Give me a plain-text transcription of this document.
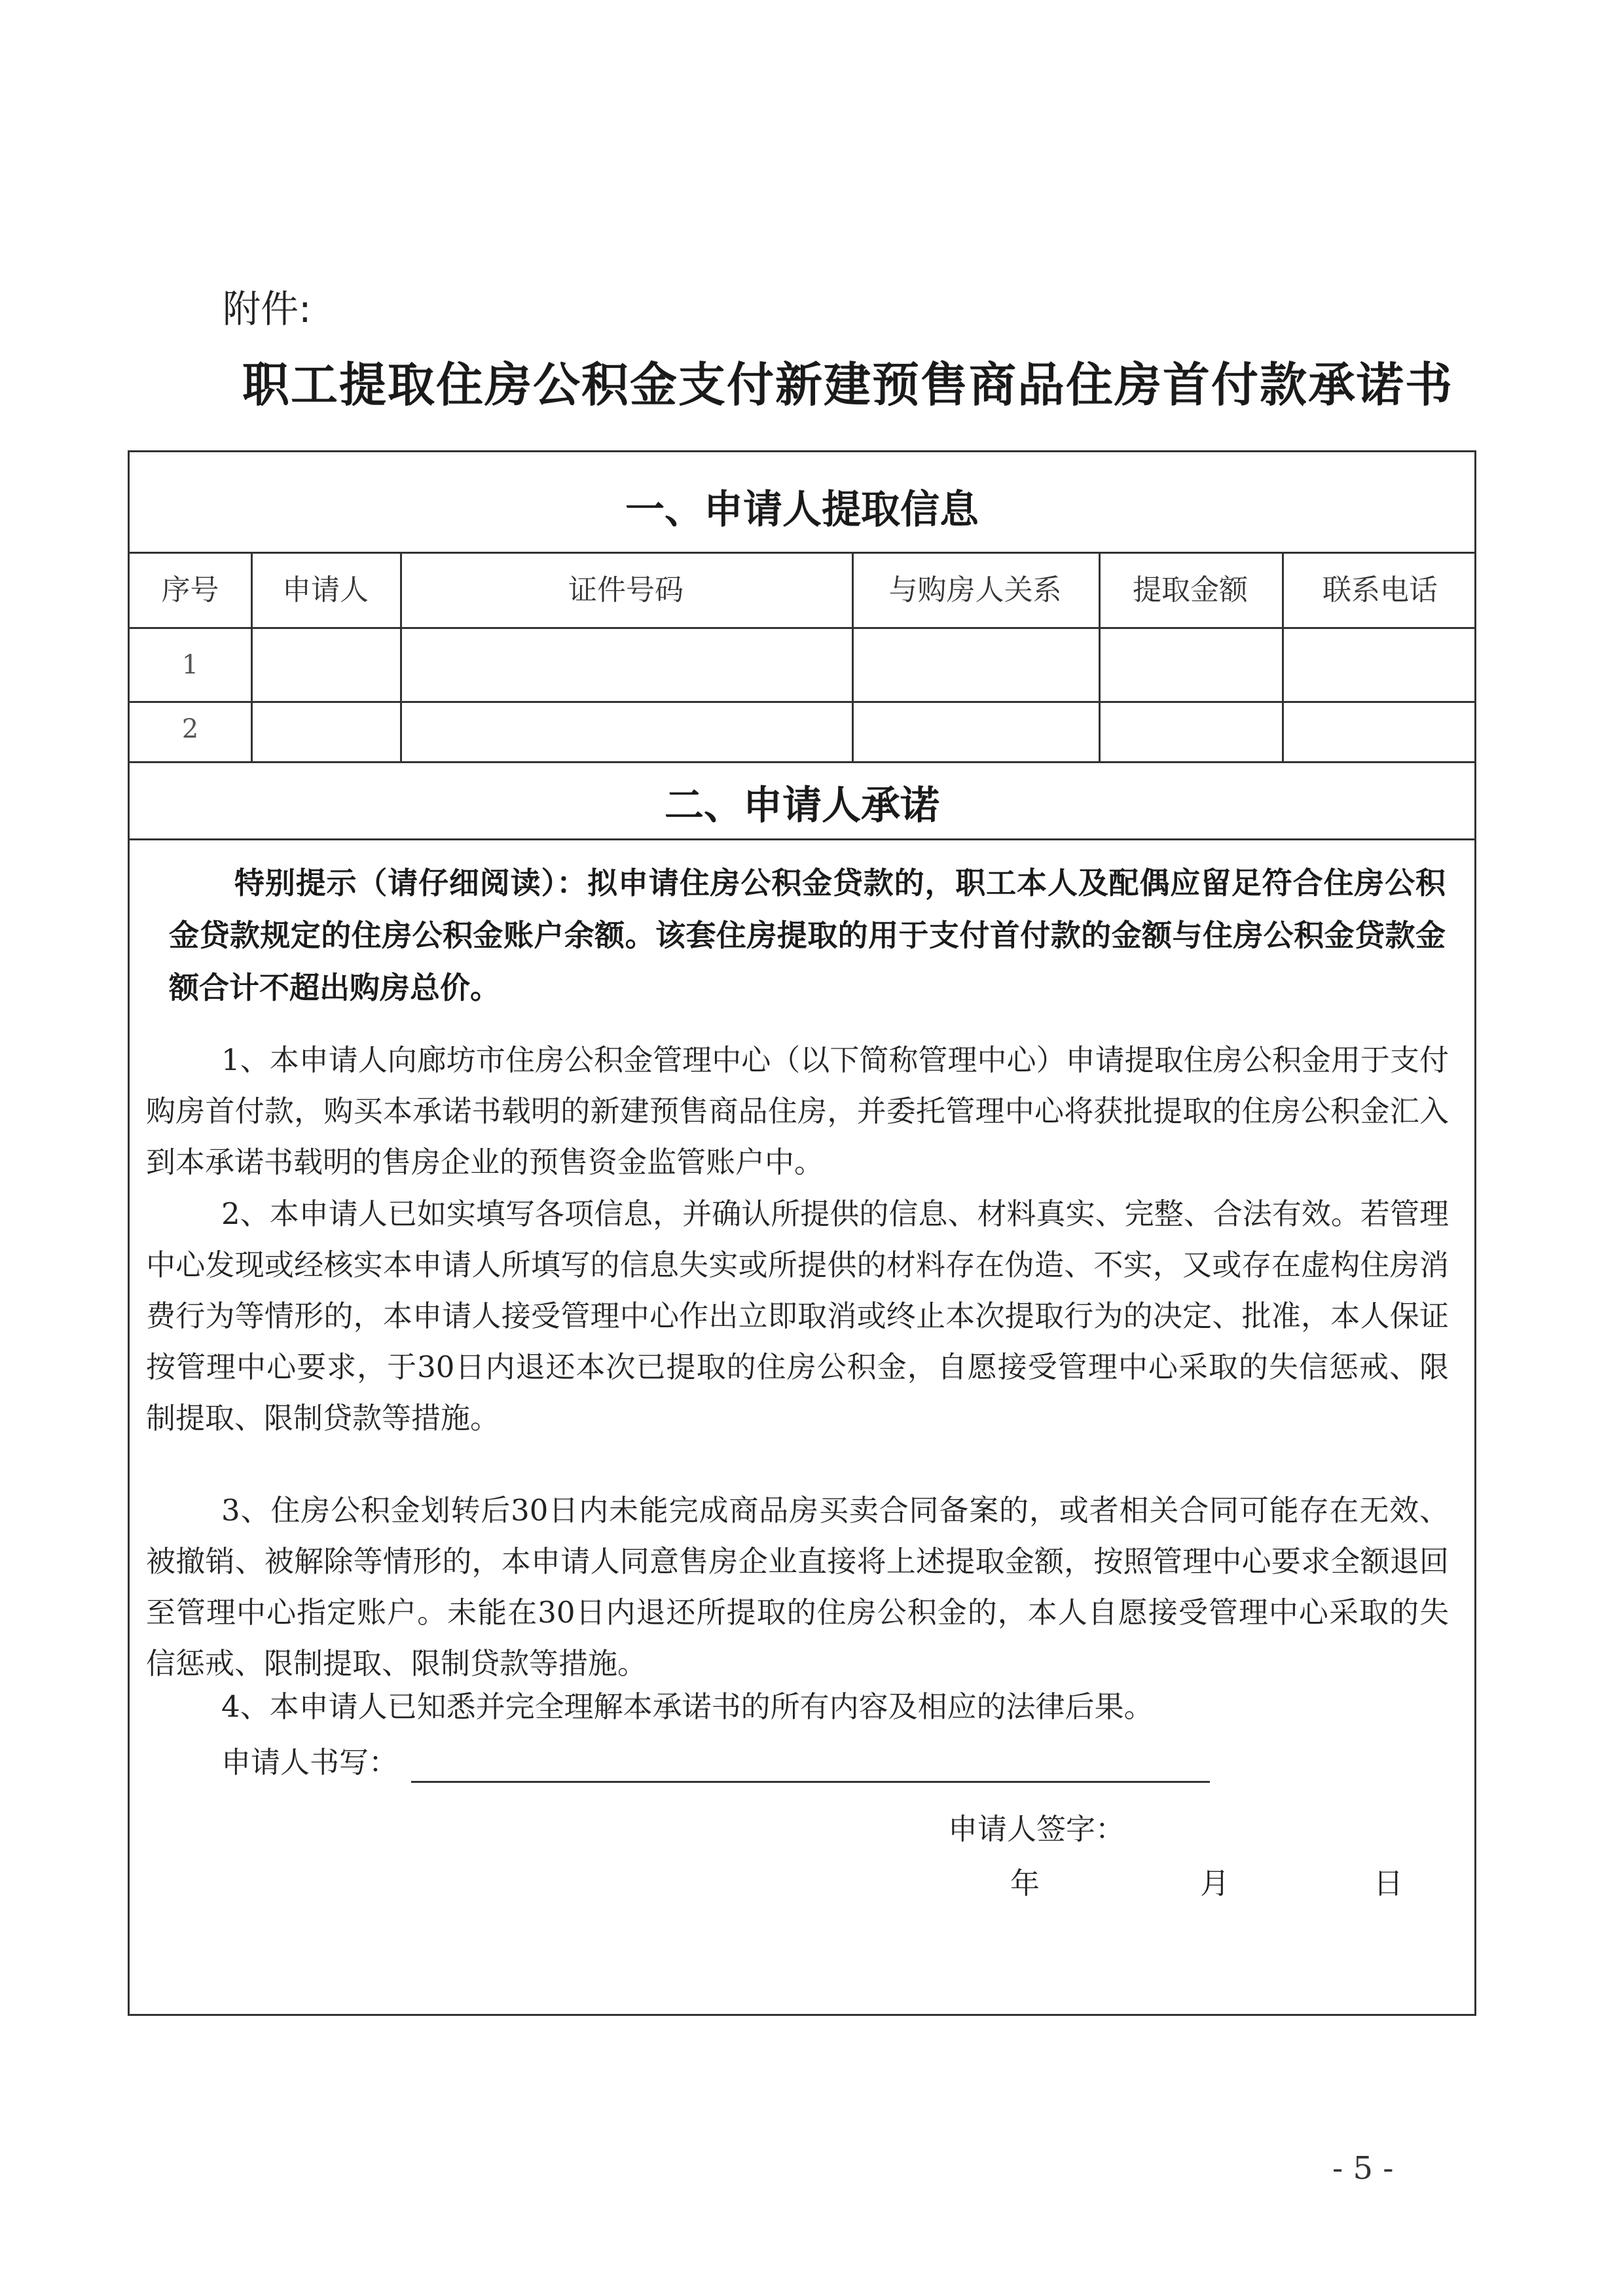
附件:
职工提取住房公积金支付新建预售商品住房首付款承诺书
一、申请人提取信息
序号	申请人	证件号码	与购房人关系	提取金额	联系电话
1
2
二、申请人承诺
特别提示（请仔细阅读）：拟申请住房公积金贷款的，职工本人及配偶应留足符合住房公积金贷款规定的住房公积金账户余额。该套住房提取的用于支付首付款的金额与住房公积金贷款金额合计不超出购房总价。
1、本申请人向廊坊市住房公积金管理中心（以下简称管理中心）申请提取住房公积金用于支付购房首付款，购买本承诺书载明的新建预售商品住房，并委托管理中心将获批提取的住房公积金汇入到本承诺书载明的售房企业的预售资金监管账户中。
2、本申请人已如实填写各项信息，并确认所提供的信息、材料真实、完整、合法有效。若管理中心发现或经核实本申请人所填写的信息失实或所提供的材料存在伪造、不实，又或存在虚构住房消费行为等情形的，本申请人接受管理中心作出立即取消或终止本次提取行为的决定、批准，本人保证按管理中心要求，于30日内退还本次已提取的住房公积金，自愿接受管理中心采取的失信惩戒、限制提取、限制贷款等措施。
3、住房公积金划转后30日内未能完成商品房买卖合同备案的，或者相关合同可能存在无效、被撤销、被解除等情形的，本申请人同意售房企业直接将上述提取金额，按照管理中心要求全额退回至管理中心指定账户。未能在30日内退还所提取的住房公积金的，本人自愿接受管理中心采取的失信惩戒、限制提取、限制贷款等措施。
4、本申请人已知悉并完全理解本承诺书的所有内容及相应的法律后果。
申请人书写：
申请人签字：
年	月	日
- 5 -
